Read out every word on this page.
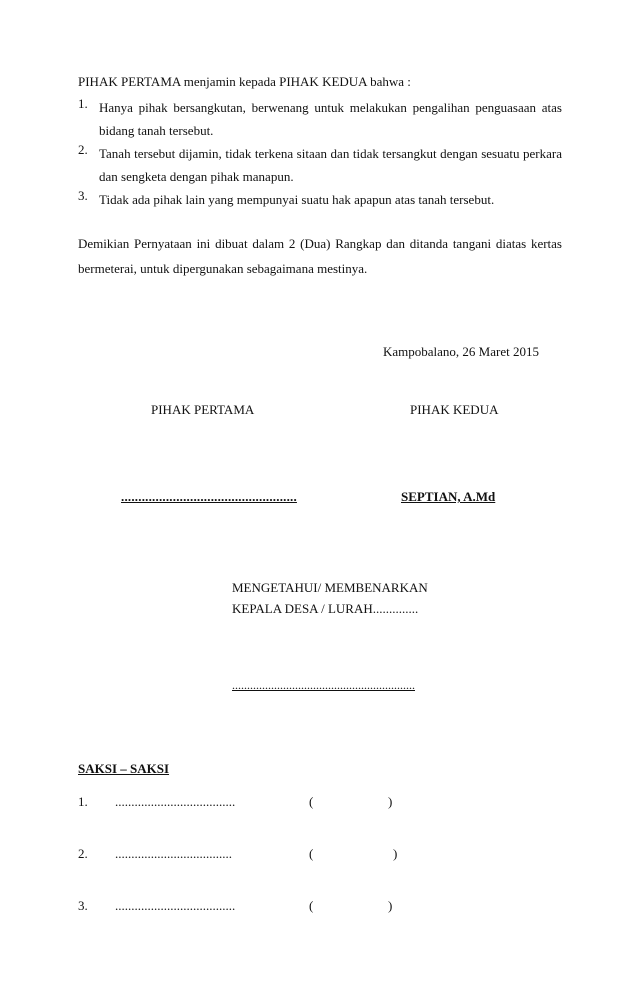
PIHAK PERTAMA menjamin kepada PIHAK KEDUA bahwa :
1. Hanya pihak bersangkutan, berwenang untuk melakukan pengalihan penguasaan atas bidang tanah tersebut.
2. Tanah tersebut dijamin, tidak terkena sitaan dan tidak tersangkut dengan sesuatu perkara dan sengketa dengan pihak manapun.
3. Tidak ada pihak lain yang mempunyai suatu hak apapun atas tanah tersebut.
Demikian Pernyataan ini dibuat dalam 2 (Dua) Rangkap dan ditanda tangani diatas kertas bermeterai, untuk dipergunakan sebagaimana mestinya.
Kampobalano, 26 Maret 2015
PIHAK PERTAMA	PIHAK KEDUA
...................................................	SEPTIAN, A.Md
MENGETAHUI/ MEMBENARKAN
KEPALA DESA / LURAH..............
.............................................................
SAKSI – SAKSI
1. .....................................	(	)
2. ....................................	(	)
3. .....................................	(	)
